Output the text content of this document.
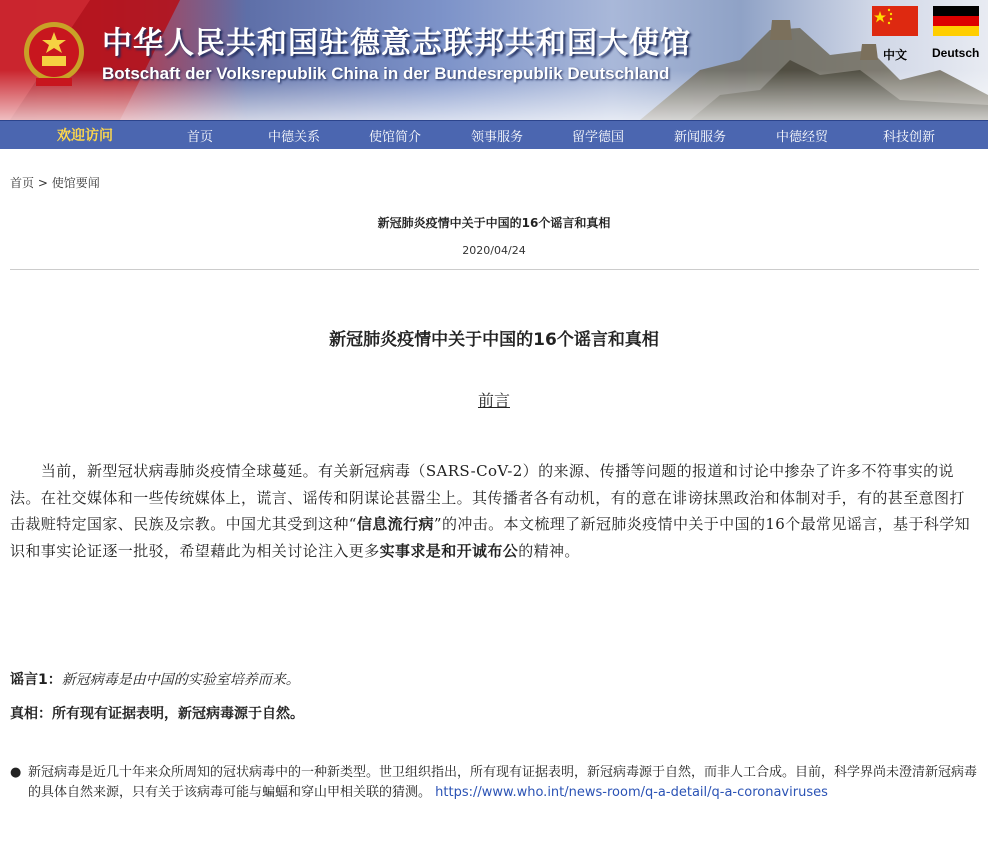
中华人民共和国驻德意志联邦共和国大使馆
Botschaft der Volksrepublik China in der Bundesrepublik Deutschland
中文	Deutsch
欢迎访问	首页	中德关系	使馆简介	领事服务	留学德国	新闻服务	中德经贸	科技创新
首页 > 使馆要闻
新冠肺炎疫情中关于中国的16个谣言和真相
2020/04/24
新冠肺炎疫情中关于中国的16个谣言和真相
前言
　　当前，新型冠状病毒肺炎疫情全球蔓延。有关新冠病毒（SARS-CoV-2）的来源、传播等问题的报道和讨论中掺杂了许多不符事实的说法。在社交媒体和一些传统媒体上，谎言、谣传和阴谋论甚嚣尘上。其传播者各有动机，有的意在诽谤抹黑政治和体制对手，有的甚至意图打击裁赃特定国家、民族及宗教。中国尤其受到这种“信息流行病”的冲击。本文梳理了新冠肺炎疫情中关于中国的16个最常见谣言，基于科学知识和事实论证逐一批驳，希望藉此为相关讨论注入更多实事求是和开诚布公的精神。
谣言1：新冠病毒是由中国的实验室培养而来。
真相：所有现有证据表明，新冠病毒源于自然。
● 新冠病毒是近几十年来众所周知的冠状病毒中的一种新类型。世卫组织指出，所有现有证据表明，新冠病毒源于自然，而非人工合成。目前，科学界尚未澄清新冠病毒的具体自然来源，只有关于该病毒可能与蝙蝠和穿山甲相关联的猜测。 https://www.who.int/news-room/q-a-detail/q-a-coronaviruses
